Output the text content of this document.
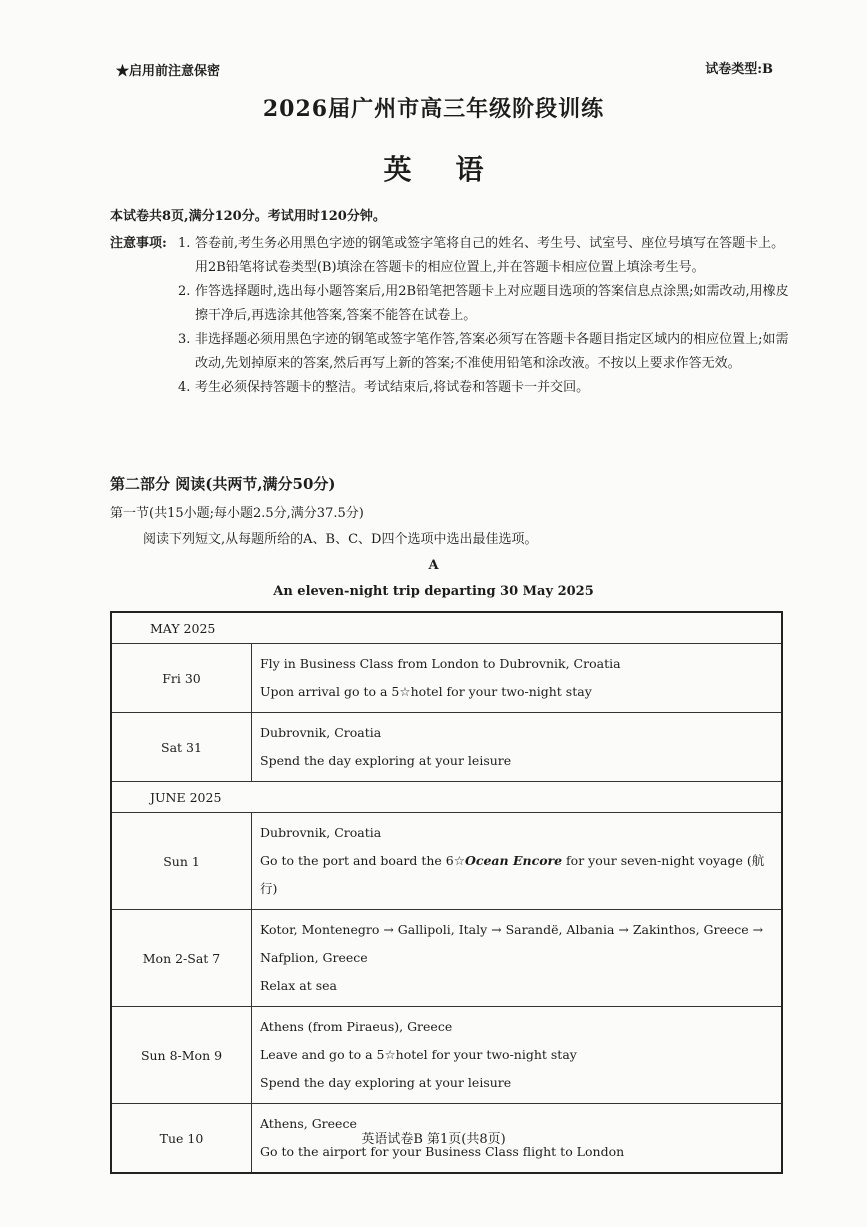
★启用前注意保密	试卷类型:B
2026届广州市高三年级阶段训练
英语
本试卷共8页,满分120分。考试用时120分钟。
注意事项: 1. 答卷前,考生务必用黑色字迹的钢笔或签字笔将自己的姓名、考生号、试室号、座位号填写在答题卡上。用2B铅笔将试卷类型(B)填涂在答题卡的相应位置上,并在答题卡相应位置上填涂考生号。
2. 作答选择题时,选出每小题答案后,用2B铅笔把答题卡上对应题目选项的答案信息点涂黑;如需改动,用橡皮擦干净后,再选涂其他答案,答案不能答在试卷上。
3. 非选择题必须用黑色字迹的钢笔或签字笔作答,答案必须写在答题卡各题目指定区域内的相应位置上;如需改动,先划掉原来的答案,然后再写上新的答案;不准使用铅笔和涂改液。不按以上要求作答无效。
4. 考生必须保持答题卡的整洁。考试结束后,将试卷和答题卡一并交回。
第二部分 阅读(共两节,满分50分)
第一节(共15小题;每小题2.5分,满分37.5分)
阅读下列短文,从每题所给的A、B、C、D四个选项中选出最佳选项。
A
An eleven-night trip departing 30 May 2025
MAY 2025	
Fri 30	Fly in Business Class from London to Dubrovnik, Croatia
Upon arrival go to a 5☆hotel for your two-night stay

Sat 31	Dubrovnik, Croatia
Spend the day exploring at your leisure

JUNE 2025	
Sun 1	Dubrovnik, Croatia
Go to the port and board the 6☆Ocean Encore for your seven-night voyage (航行)

Mon 2-Sat 7	Kotor, Montenegro → Gallipoli, Italy → Sarandë, Albania → Zakinthos, Greece →
Nafplion, Greece
Relax at sea

Sun 8-Mon 9	Athens (from Piraeus), Greece
Leave and go to a 5☆hotel for your two-night stay
Spend the day exploring at your leisure

Tue 10	Athens, Greece
Go to the airport for your Business Class flight to London
英语试卷B 第1页(共8页)
